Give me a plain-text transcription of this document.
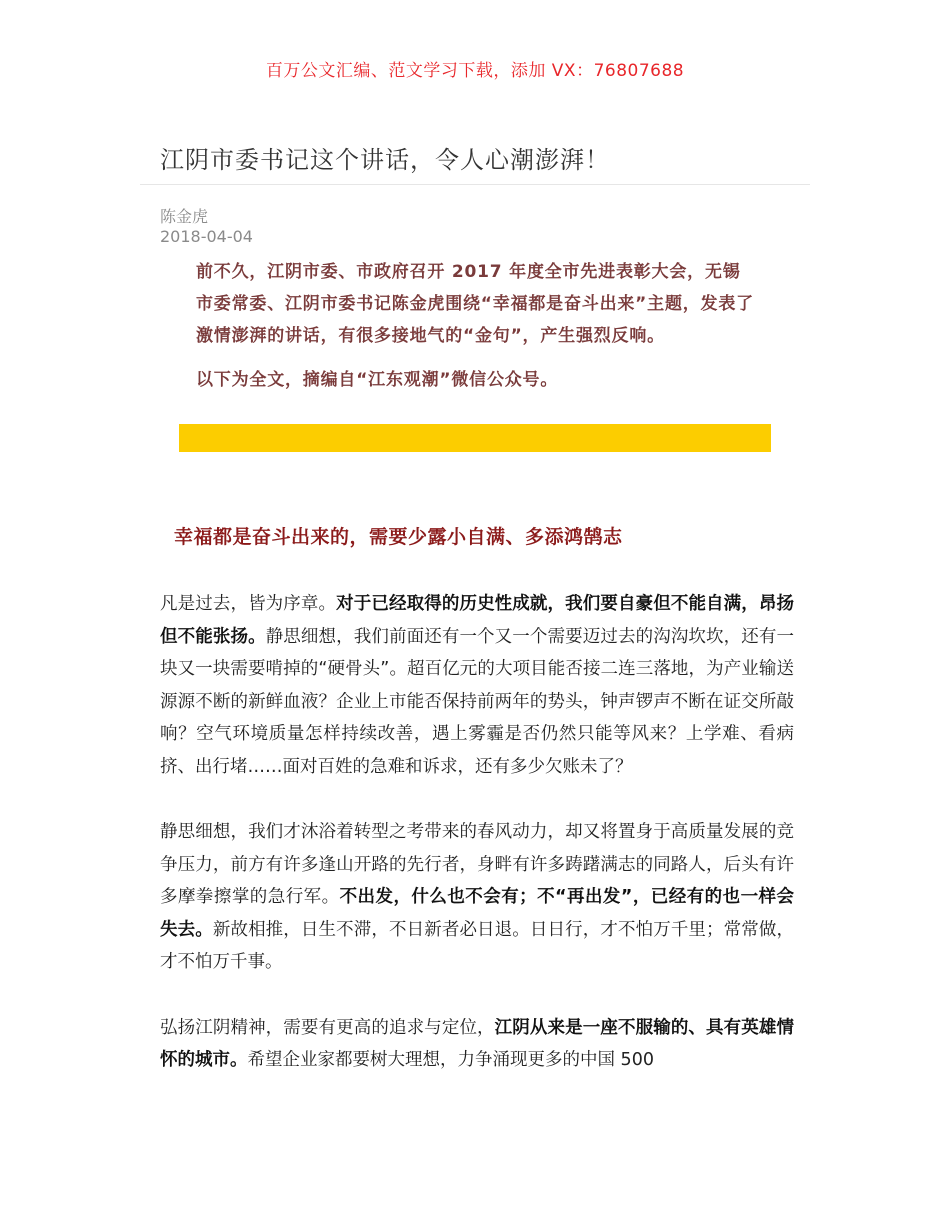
百万公文汇编、范文学习下载，添加 VX：76807688
江阴市委书记这个讲话，令人心潮澎湃！
陈金虎
2018-04-04

前不久，江阴市委、市政府召开 2017 年度全市先进表彰大会，无锡市委常委、江阴市委书记陈金虎围绕“幸福都是奋斗出来”主题，发表了激情澎湃的讲话，有很多接地气的“金句”，产生强烈反响。

以下为全文，摘编自“江东观潮”微信公众号。

幸福都是奋斗出来的，需要少露小自满、多添鸿鹄志

凡是过去，皆为序章。对于已经取得的历史性成就，我们要自豪但不能自满，昂扬但不能张扬。静思细想，我们前面还有一个又一个需要迈过去的沟沟坎坎，还有一块又一块需要啃掉的“硬骨头”。超百亿元的大项目能否接二连三落地，为产业输送源源不断的新鲜血液？企业上市能否保持前两年的势头，钟声锣声不断在证交所敲响？空气环境质量怎样持续改善，遇上雾霾是否仍然只能等风来？上学难、看病挤、出行堵……面对百姓的急难和诉求，还有多少欠账未了？

静思细想，我们才沐浴着转型之考带来的春风动力，却又将置身于高质量发展的竞争压力，前方有许多逢山开路的先行者，身畔有许多踌躇满志的同路人，后头有许多摩拳擦掌的急行军。不出发，什么也不会有；不“再出发”，已经有的也一样会失去。新故相推，日生不滞，不日新者必日退。日日行，才不怕万千里；常常做，才不怕万千事。

弘扬江阴精神，需要有更高的追求与定位，江阴从来是一座不服输的、具有英雄情怀的城市。希望企业家都要树大理想，力争涌现更多的中国 500
